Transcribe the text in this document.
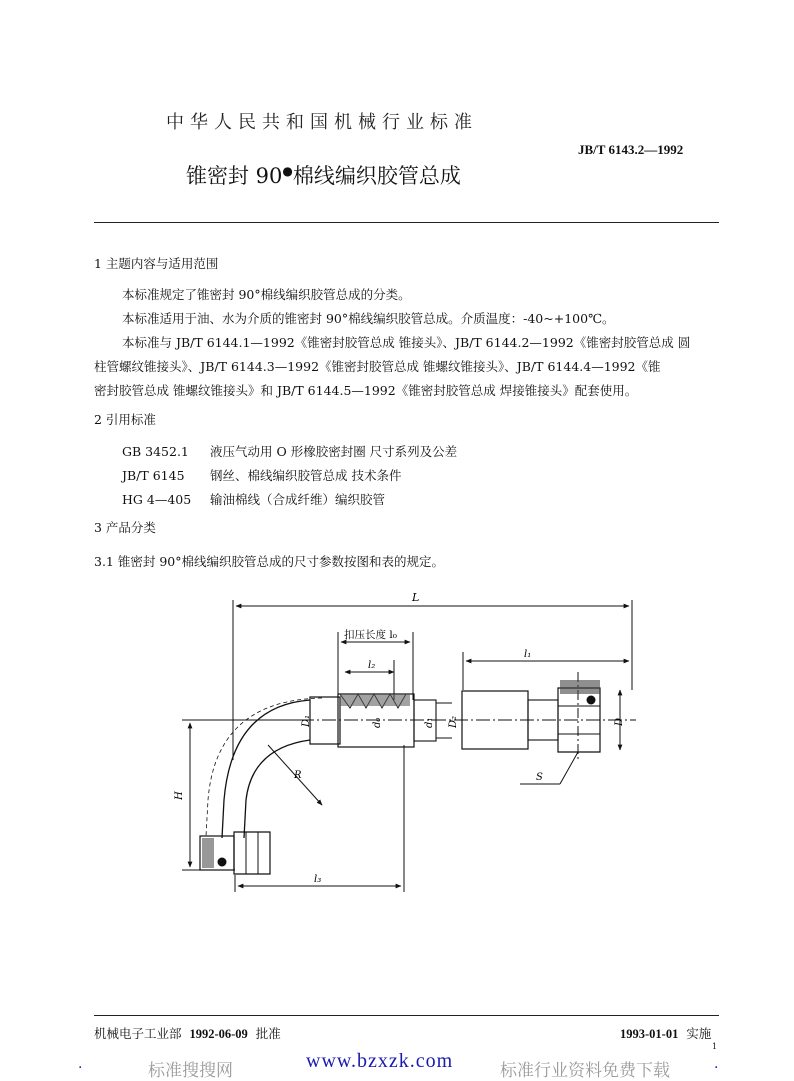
中华人民共和国机械行业标准
JB/T 6143.2—1992
锥密封 90●棉线编织胶管总成
1 主题内容与适用范围
本标准规定了锥密封 90°棉线编织胶管总成的分类。
本标准适用于油、水为介质的锥密封 90°棉线编织胶管总成。介质温度：-40~+100℃。
本标准与 JB/T 6144.1—1992《锥密封胶管总成 锥接头》、JB/T 6144.2—1992《锥密封胶管总成 圆
柱管螺纹锥接头》、JB/T 6144.3—1992《锥密封胶管总成 锥螺纹锥接头》、JB/T 6144.4—1992《锥
密封胶管总成 锥螺纹锥接头》和 JB/T 6144.5—1992《锥密封胶管总成 焊接锥接头》配套使用。
2 引用标准
GB 3452.1 液压气动用 O 形橡胶密封圈 尺寸系列及公差
JB/T 6145 钢丝、棉线编织胶管总成 技术条件
HG 4—405 输油棉线（合成纤维）编织胶管
3 产品分类
3.1 锥密封 90°棉线编织胶管总成的尺寸参数按图和表的规定。
L
扣压长度 l₀
l₂
l₁
D₁	d₀	d₁ D₂	D
R	S
H
l₃
机械电子工业部 1992-06-09 批准	1993-01-01 实施
1
标准搜搜网	www.bzxzk.com	标准行业资料免费下载
·	·
